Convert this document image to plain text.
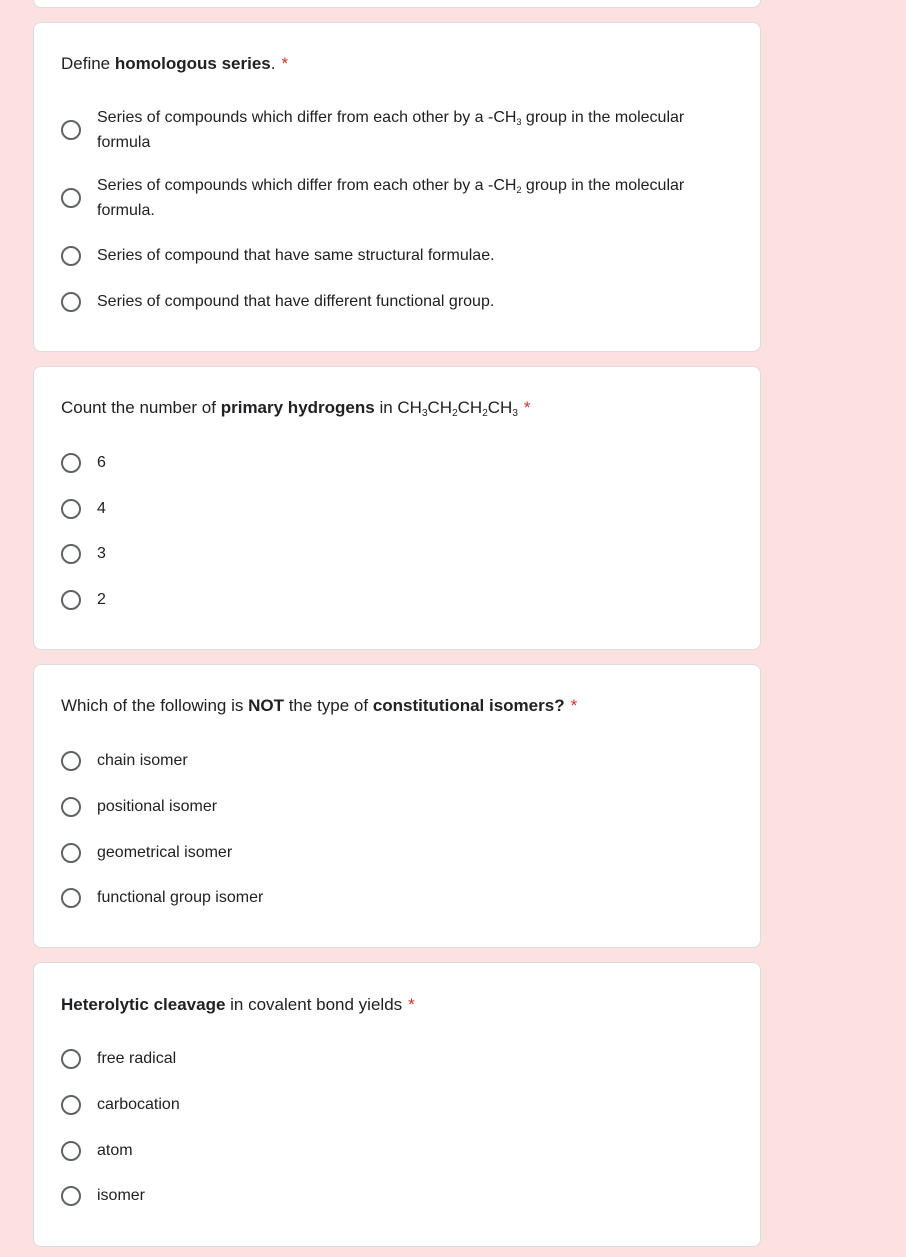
Define homologous series. *
Series of compounds which differ from each other by a $-CH_3$ group in the molecular formula
Series of compounds which differ from each other by a $-CH_2$ group in the molecular formula.
Series of compound that have same structural formulae.
Series of compound that have different functional group.
Count the number of primary hydrogens in $CH_3CH_2CH_2CH_3$ *
6
4
3
2
Which of the following is NOT the type of constitutional isomers? *
chain isomer
positional isomer
geometrical isomer
functional group isomer
Heterolytic cleavage in covalent bond yields *
free radical
carbocation
atom
isomer
